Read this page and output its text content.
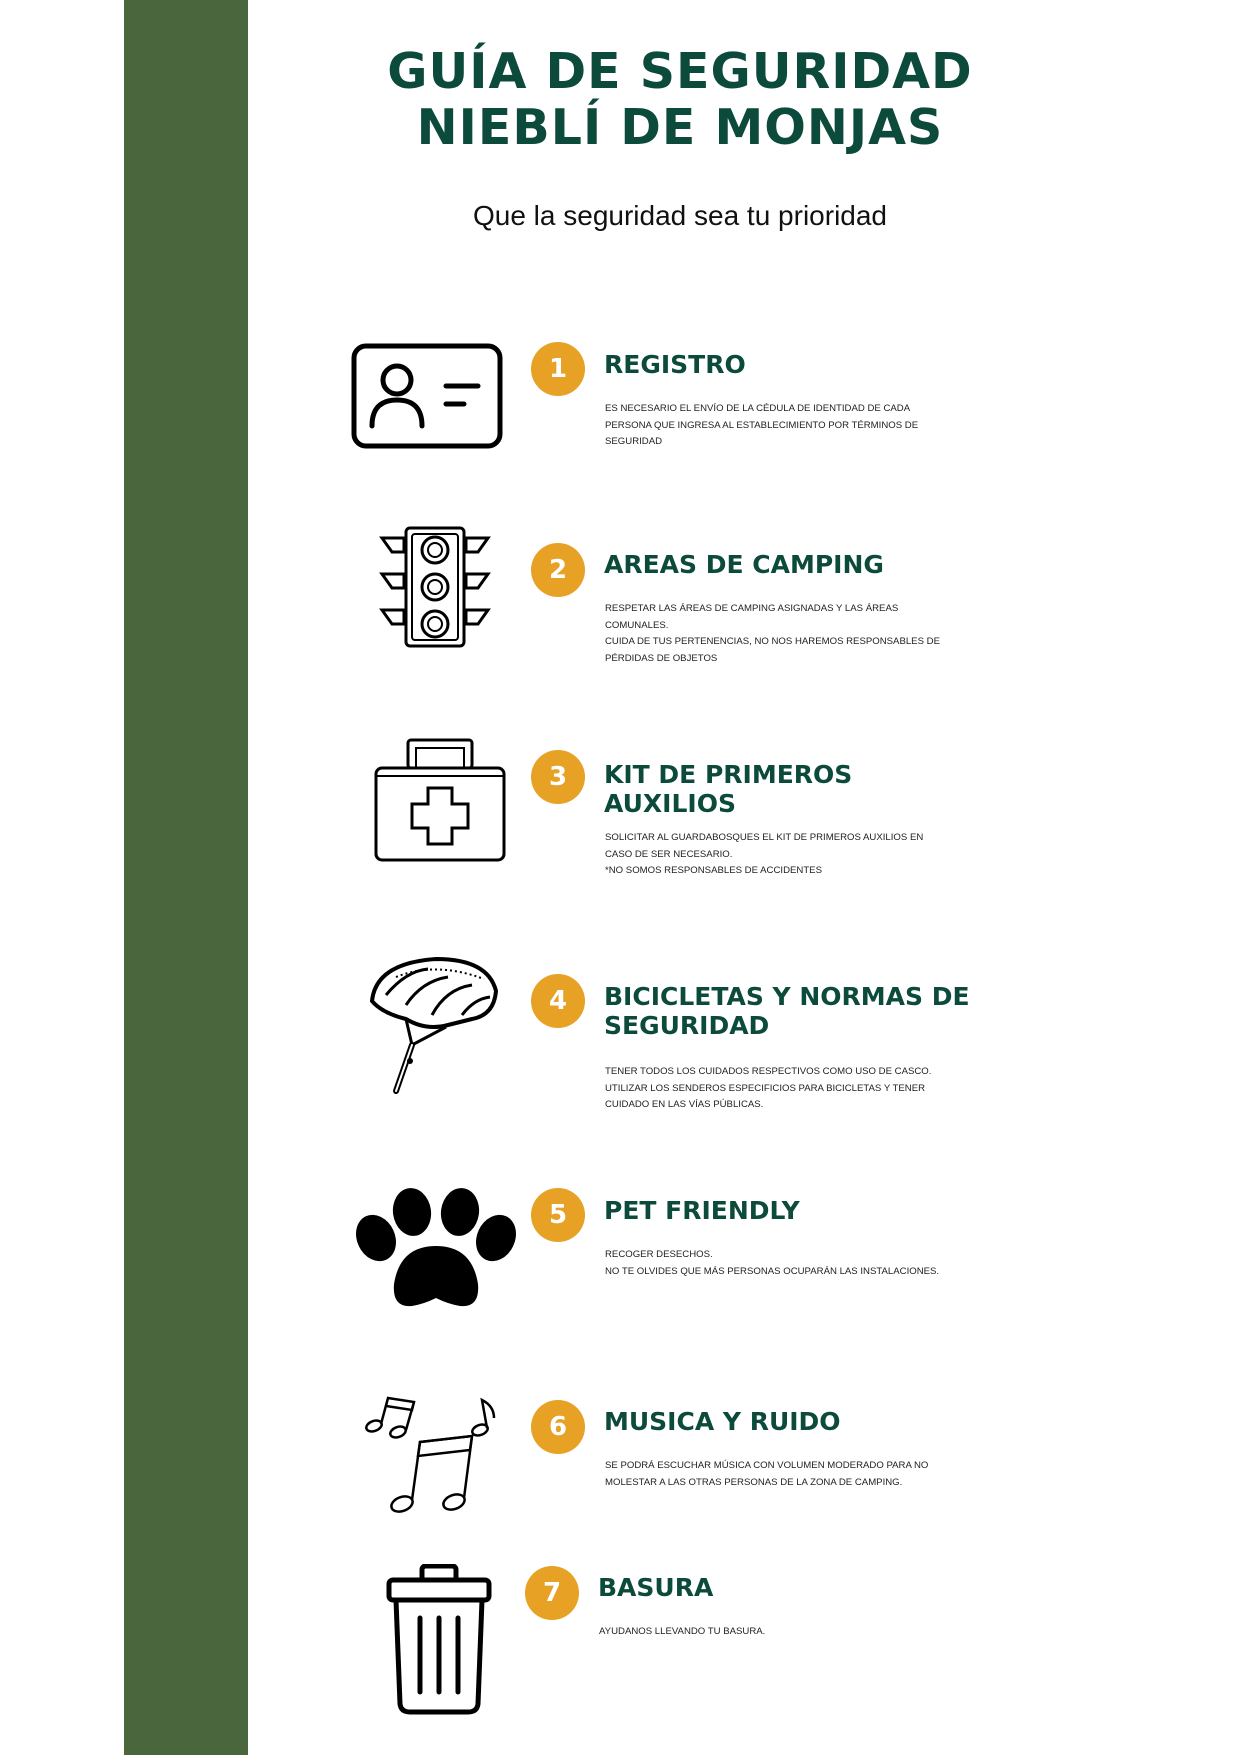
GUÍA DE SEGURIDAD
NIEBLÍ DE MONJAS
Que la seguridad sea tu prioridad
1	REGISTRO

ES NECESARIO EL ENVÍO DE LA CÉDULA DE IDENTIDAD DE CADA PERSONA QUE INGRESA AL ESTABLECIMIENTO POR TÉRMINOS DE SEGURIDAD

2	AREAS DE CAMPING

RESPETAR LAS ÁREAS DE CAMPING ASIGNADAS Y LAS ÁREAS COMUNALES.

CUIDA DE TUS PERTENENCIAS, NO NOS HAREMOS RESPONSABLES DE PÉRDIDAS DE OBJETOS

3	KIT DE PRIMEROS AUXILIOS

SOLICITAR AL GUARDABOSQUES EL KIT DE PRIMEROS AUXILIOS EN CASO DE SER NECESARIO.

*NO SOMOS RESPONSABLES DE ACCIDENTES

4	BICICLETAS Y NORMAS DE SEGURIDAD

TENER TODOS LOS CUIDADOS RESPECTIVOS COMO USO DE CASCO.

UTILIZAR LOS SENDEROS ESPECIFICIOS PARA BICICLETAS Y TENER CUIDADO EN LAS VÍAS PÚBLICAS.

5	PET FRIENDLY

RECOGER DESECHOS.

NO TE OLVIDES QUE MÁS PERSONAS OCUPARÁN LAS INSTALACIONES.

6	MUSICA Y RUIDO

SE PODRÁ ESCUCHAR MÚSICA CON VOLUMEN MODERADO PARA NO MOLESTAR A LAS OTRAS PERSONAS DE LA ZONA DE CAMPING.

7	BASURA

AYUDANOS LLEVANDO TU BASURA.
